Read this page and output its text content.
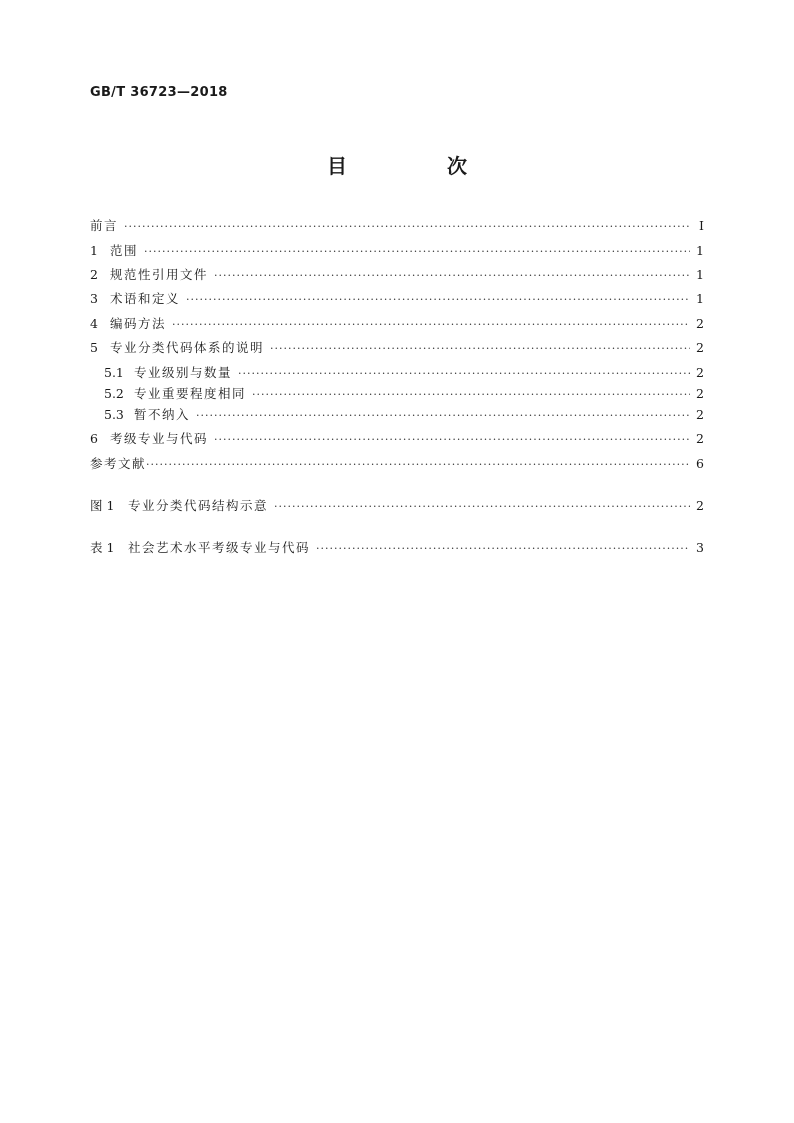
GB/T 36723—2018
目　次
前言 ·····	Ⅰ
1 范围 ·····	1
2 规范性引用文件 ·····	1
3 术语和定义 ·····	1
4 编码方法 ·····	2
5 专业分类代码体系的说明 ·····	2
5.1 专业级别与数量 ·····	2
5.2 专业重要程度相同 ·····	2
5.3 暂不纳入 ·····	2
6 考级专业与代码 ·····	2
参考文献 ·····	6
图 1	专业分类代码结构示意 ·····	2
表 1	社会艺术水平考级专业与代码 ·····	3
